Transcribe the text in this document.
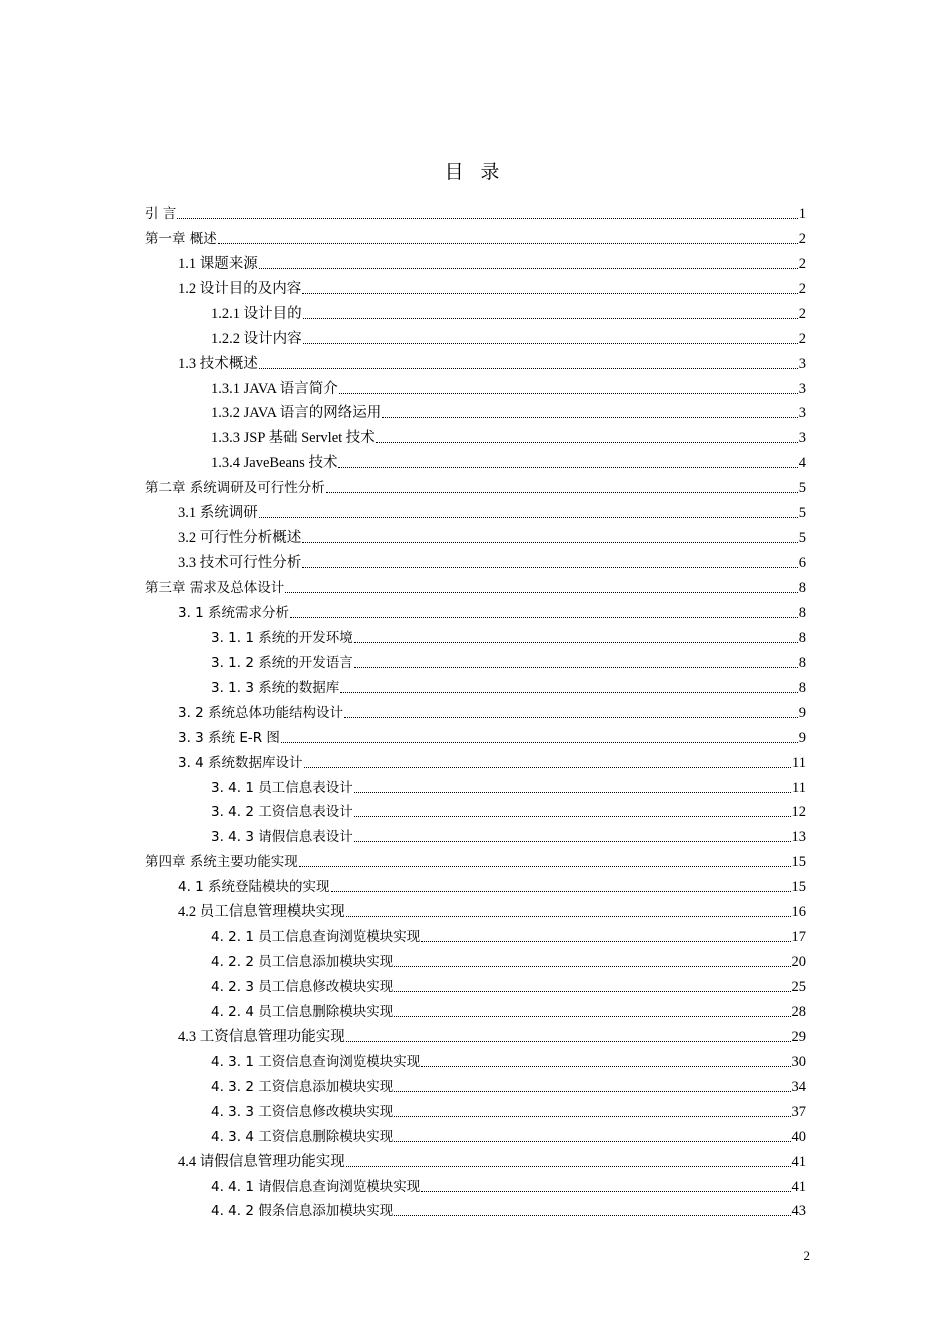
目 录
引 言	1
第一章 概述	2
1.1 课题来源	2
1.2 设计目的及内容	2
1.2.1 设计目的	2
1.2.2 设计内容	2
1.3 技术概述	3
1.3.1 JAVA 语言简介	3
1.3.2 JAVA 语言的网络运用	3
1.3.3 JSP 基础 Servlet 技术	3
1.3.4 JaveBeans 技术	4
第二章 系统调研及可行性分析	5
3.1 系统调研	5
3.2 可行性分析概述	5
3.3 技术可行性分析	6
第三章 需求及总体设计	8
3. 1 系统需求分析	8
3. 1. 1 系统的开发环境	8
3. 1. 2 系统的开发语言	8
3. 1. 3 系统的数据库	8
3. 2 系统总体功能结构设计	9
3. 3 系统 E-R 图	9
3. 4 系统数据库设计	11
3. 4. 1 员工信息表设计	11
3. 4. 2 工资信息表设计	12
3. 4. 3 请假信息表设计	13
第四章 系统主要功能实现	15
4. 1 系统登陆模块的实现	15
4.2 员工信息管理模块实现	16
4. 2. 1 员工信息查询浏览模块实现	17
4. 2. 2 员工信息添加模块实现	20
4. 2. 3 员工信息修改模块实现	25
4. 2. 4 员工信息删除模块实现	28
4.3 工资信息管理功能实现	29
4. 3. 1 工资信息查询浏览模块实现	30
4. 3. 2 工资信息添加模块实现	34
4. 3. 3 工资信息修改模块实现	37
4. 3. 4 工资信息删除模块实现	40
4.4 请假信息管理功能实现	41
4. 4. 1 请假信息查询浏览模块实现	41
4. 4. 2 假条信息添加模块实现	43
2
